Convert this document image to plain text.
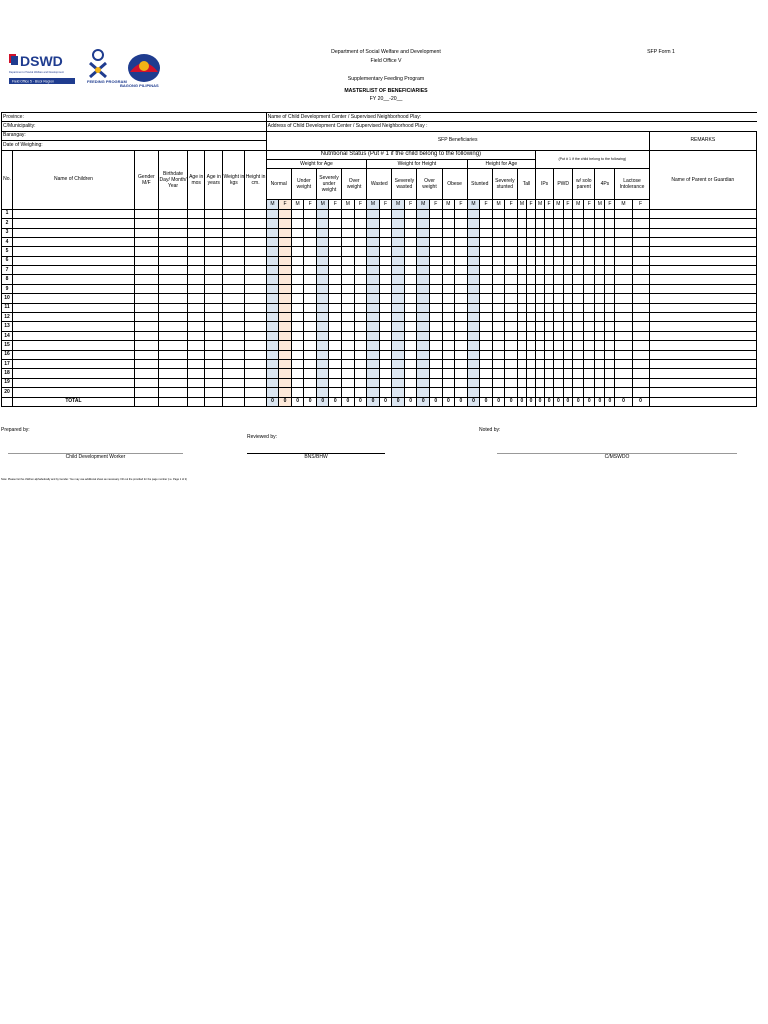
DSWD
Department of Social Welfare and Development
Field Office 5 - Bicol Region	FEEDING PROGRAM
BAGONG PILIPINAS
Department of Social Welfare and Development
Field Office V
Supplementary Feeding Program
MASTERLIST OF BENEFICIARIES
FY 20__-20__
SFP Form 1
Province:								Name of Child Development Center / Supervised Neighborhood Play:																																
C/Municipality:								Address of Child Development Center / Supervised Neighborhood Play :																																
Barangay:								SFP Beneficiaries																																REMARKS
Date of Weighing:																																								
No.	Name of Children	Gender M/F	Birthdate Day/ Month/ Year	Age in mos	Age in years	Weight in kgs	Height in cm.	Nutritional Status (Put # 1 if the child belong to the following)																						(Put # 1 if the child belong to the following)										Name of Parent or Guardian
								Weight for Age								Weight for Height								Height for Age																
								Normal		Under weight		Severely under weight		Over weight		Wasted		Severely wasted		Over weight		Obese		Stunted		Severely stunted		Tall		IPs		PWD		w/ solo parent		4Ps		Lactose Intolerance		
								M	F	M	F	M	F	M	F	M	F	M	F	M	F	M	F	M	F	M	F	M	F	M	F	M	F	M	F	M	F	M	F	
1																																								
2																																								
3																																								
4																																								
5																																								
6																																								
7																																								
8																																								
9																																								
10																																								
11																																								
12																																								
13																																								
14																																								
15																																								
16																																								
17																																								
18																																								
19																																								
20																																								
	TOTAL							0	0	0	0	0	0	0	0	0	0	0	0	0	0	0	0	0	0	0	0	0	0	0	0	0	0	0	0	0	0	0	0	
Prepared by:
Reviewed by:
Noted by:
Child Development Worker	BNS/BHW	C/MSWDO
Note: Please list the children alphabetically and by Gender. You may use additional sheet as necessary. Fill out the provided for the page number (i.e. Page 1 of 2)
